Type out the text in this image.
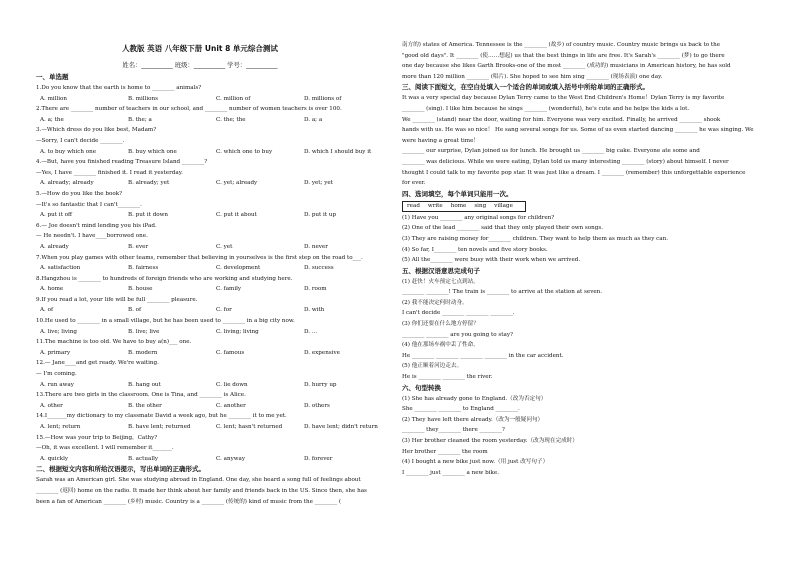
人教版 英语 八年级下册 Unit 8 单元综合测试
姓名：__________ 班级：__________ 学号：__________
一、单选题
1.Do you know that the earth is home to ________ animals?
A. million	B. millions	C. million of	D. millions of
2.There are ________ number of teachers in our school, and ________ number of women teachers is over 100.
A. a; the	B. the; a	C. the; the	D. a; a
3.—Which dress do you like best, Madam?
—Sorry, I can't decide ________.
A. to buy which one	B. buy which one	C. which one to buy	D. which I should buy it
4.—But, have you finished reading Treasure Island ________?
—Yes, I have ________ finished it. I read it yesterday.
A. already; already	B. already; yet	C. yet; already	D. yet; yet
5.—How do you like the book?
—It's so fantastic that I can't________.
A. put it off	B. put it down	C. put it about	D. put it up
6.— Joe doesn't mind lending you his iPad.
— He needn't. I have____borrowed one.
A. already	B. ever	C. yet	D. never
7.When you play games with other teams, remember that believing in yourselves is the first step on the road to___.
A. satisfaction	B. fairness	C. development	D. success
8.Hangzhou is ________ to hundreds of foreign friends who are working and studying here.
A. home	B. house	C. family	D. room
9.If you read a lot, your life will be full ________ pleasure.
A. of	B. of	C. for	D. with
10.He used to ________ in a small village, but he has been used to ________ in a big city now.
A. live; living	B. live; live	C. living; living	D. ...
11.The machine is too old. We have to buy a(n)___ one.
A. primary	B. modern	C. famous	D. expensive
12.— Jane____and get ready. We're waiting.
— I'm coming.
A. run away	B. hang out	C. lie down	D. hurry up
13.There are two girls in the classroom. One is Tina, and ________ is Alice.
A. other	B. the other	C. another	D. others
14.I_______my dictionary to my classmate David a week ago, but he ________ it to me yet.
A. lent; return	B. have lent; returned	C. lent; hasn't returned	D. have lent; didn't return
15.—How was your trip to Beijing，Cathy?
—Oh, it was excellent. I will remember it_______.
A. quickly	B. actually	C. anyway	D. forever
二、根据短文内容和所给汉语提示，写出单词的正确形式。
Sarah was an American girl. She was studying abroad in England. One day, she heard a song full of feelings about
________ (返回) home on the radio. It made her think about her family and friends back in the US. Since then, she has
been a fan of American ________ (乡村) music. Country is a ________ (传统的) kind of music from the ________ (
南方的) states of America. Tennessee is the ________ (故乡) of country music. Country music brings us back to the
"good old days". It ________ (使……想起) us that the best things in life are free. It's Sarah's ________ (梦) to go there
one day because she likes Garth Brooks-one of the most ________ (成功的) musicians in American history, he has sold
more than 120 million ________ (唱片). She hoped to see him sing ________ (现场表演) one day.
三、阅读下面短文，在空白处填入一个适合的单词或填入括号中所给单词的正确形式。
It was a very special day because Dylan Terry came to the West End Children's Home！Dylan Terry is my favorite
________ (sing). I like him because he sings ________ (wonderful), he's cute and he helps the kids a lot.
We ________ (stand) near the door, waiting for him. Everyone was very excited. Finally, he arrived ________ shook
hands with us. He was so nice！ He sang several songs for us. Some of us even started dancing ________ he was singing. We
were having a great time！
________ our surprise, Dylan joined us for lunch. He brought us ________ big cake. Everyone ate some and
________ was delicious. While we were eating, Dylan told us many interesting ________ (story) about himself. I never
thought I could talk to my favorite pop star. It was just like a dream. I ________ (remember) this unforgettable experience
for ever.
四、选词填空，每个单词只能用一次。
read write home sing village
(1) Have you ________ any original songs for children?
(2) One of the lead ________ said that they only played their own songs.
(3) They are raising money for________ children. They want to help them as much as they can.
(4) So far, I________ ten novels and five story books.
(5) All the________ were busy with their work when we arrived.
五、根据汉语意思完成句子
(1) 赶快！火车预定七点到站。
________ ________! The train is ________ to arrive at the station at seven.
(2) 我不能决定何时动身。
I can't decide ________ ________ ________.
(3) 你们还要在什么地方停留？
________ ________ are you going to stay?
(4) 他在那场车祸中丢了性命。
He ________ ________ ________ ________ in the car accident.
(5) 他正顺着河边走去。
He is ________ ________ the river.
六、句型转换
(1) She has already gone to England.（改为否定句）
She ________ ________ to England ________.
(2) They have left there already.（改为一般疑问句）
________ they________ there ________?
(3) Her brother cleaned the room yesterday.（改为现在完成时）
Her brother ________ the room
(4) I bought a new bike just now.（用 just 改写句子）
I ________ just ________ a new bike.
